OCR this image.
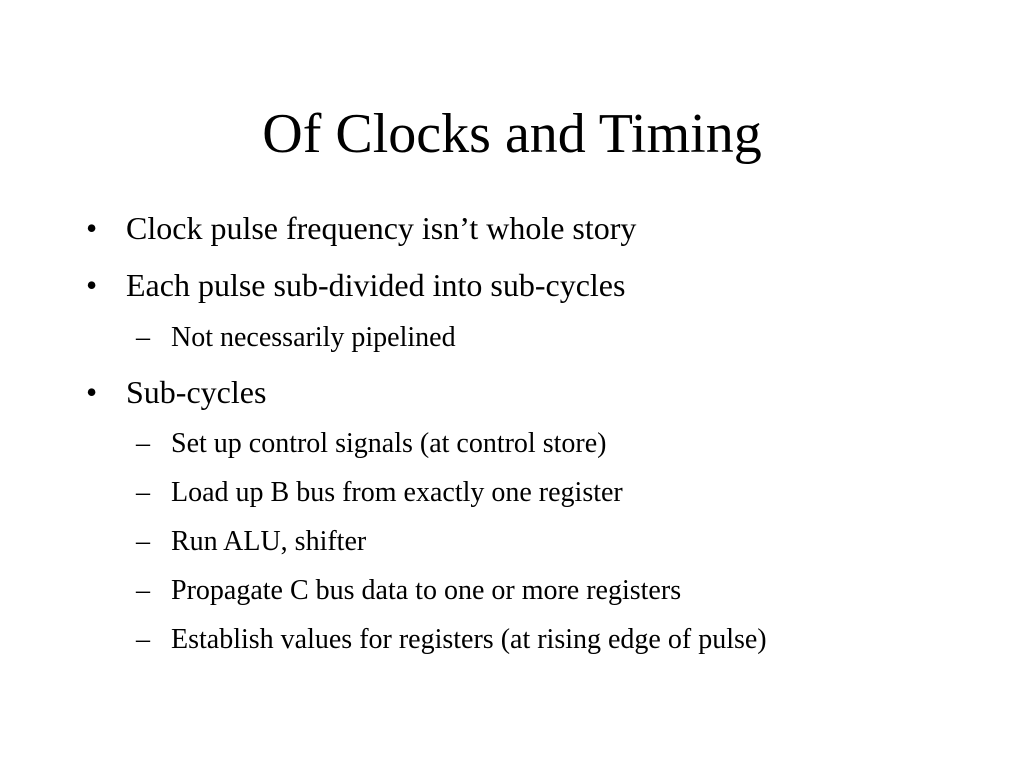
Of Clocks and Timing
• Clock pulse frequency isn’t whole story
• Each pulse sub-divided into sub-cycles
– Not necessarily pipelined
• Sub-cycles
– Set up control signals (at control store)
– Load up B bus from exactly one register
– Run ALU, shifter
– Propagate C bus data to one or more registers
– Establish values for registers (at rising edge of pulse)
